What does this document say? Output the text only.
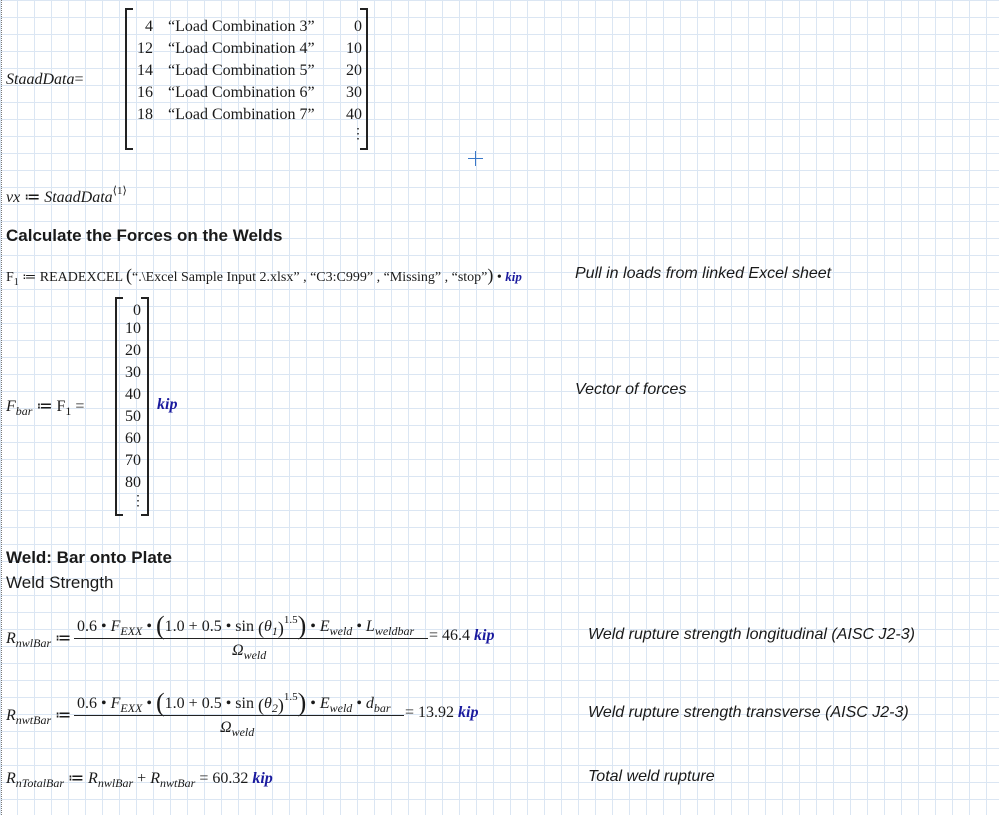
StaadData=
4 “Load Combination 3” 0
12 “Load Combination 4” 10
14 “Load Combination 5” 20
16 “Load Combination 6” 30
18 “Load Combination 7” 40
⋮
vx ≔ StaadData$^{⟨1⟩}$
Calculate the Forces on the Welds
$F_1$ ≔ READEXCEL (“.\Excel Sample Input 2.xlsx” , “C3:C999” , “Missing” , “stop”) • kip	Pull in loads from linked Excel sheet
$F_{bar}$ ≔ $F_1$ =
0
10
20
30
40
50
60
70
80
⋮
kip
Vector of forces
Weld: Bar onto Plate
Weld Strength
$R_{nwlBar}$ ≔
0.6 • $F_{EXX}$ • (1.0 + 0.5 • $\sin (\theta_1)^{1.5}$) • $E_{weld}$ • $L_{weldbar}$
$\Omega_{weld}$
= 46.4 kip	Weld rupture strength longitudinal (AISC J2-3)
$R_{nwtBar}$ ≔
0.6 • $F_{EXX}$ • (1.0 + 0.5 • $\sin (\theta_2)^{1.5}$) • $E_{weld}$ • $d_{bar}$
$\Omega_{weld}$
= 13.92 kip	Weld rupture strength transverse (AISC J2-3)
$R_{nTotalBar}$ ≔ $R_{nwlBar} + R_{nwtBar} = 60.32$ kip	Total weld rupture
